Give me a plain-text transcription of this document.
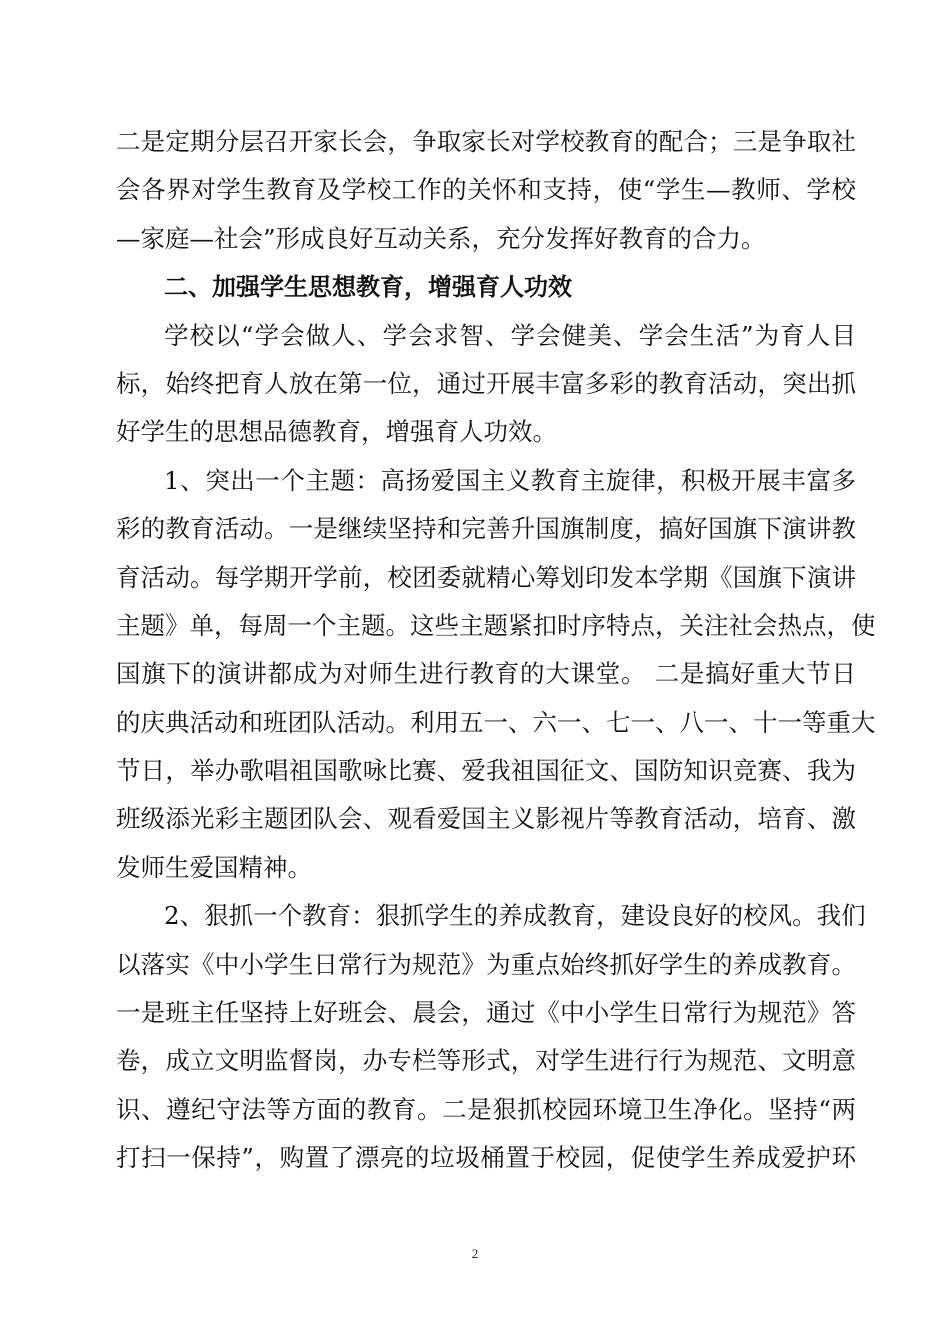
二是定期分层召开家长会，争取家长对学校教育的配合；三是争取社
会各界对学生教育及学校工作的关怀和支持，使“学生—教师、学校
—家庭—社会”形成良好互动关系，充分发挥好教育的合力。
二、加强学生思想教育，增强育人功效
学校以“学会做人、学会求智、学会健美、学会生活”为育人目
标，始终把育人放在第一位，通过开展丰富多彩的教育活动，突出抓
好学生的思想品德教育，增强育人功效。
1、突出一个主题：高扬爱国主义教育主旋律，积极开展丰富多
彩的教育活动。一是继续坚持和完善升国旗制度，搞好国旗下演讲教
育活动。每学期开学前，校团委就精心筹划印发本学期《国旗下演讲
主题》单，每周一个主题。这些主题紧扣时序特点，关注社会热点，使
国旗下的演讲都成为对师生进行教育的大课堂。 二是搞好重大节日
的庆典活动和班团队活动。利用五一、六一、七一、八一、十一等重大
节日，举办歌唱祖国歌咏比赛、爱我祖国征文、国防知识竞赛、我为
班级添光彩主题团队会、观看爱国主义影视片等教育活动，培育、激
发师生爱国精神。
2、狠抓一个教育：狠抓学生的养成教育，建设良好的校风。我们
以落实《中小学生日常行为规范》为重点始终抓好学生的养成教育。
一是班主任坚持上好班会、晨会，通过《中小学生日常行为规范》答
卷，成立文明监督岗，办专栏等形式，对学生进行行为规范、文明意
识、遵纪守法等方面的教育。二是狠抓校园环境卫生净化。坚持“两
打扫一保持”，购置了漂亮的垃圾桶置于校园，促使学生养成爱护环
2
